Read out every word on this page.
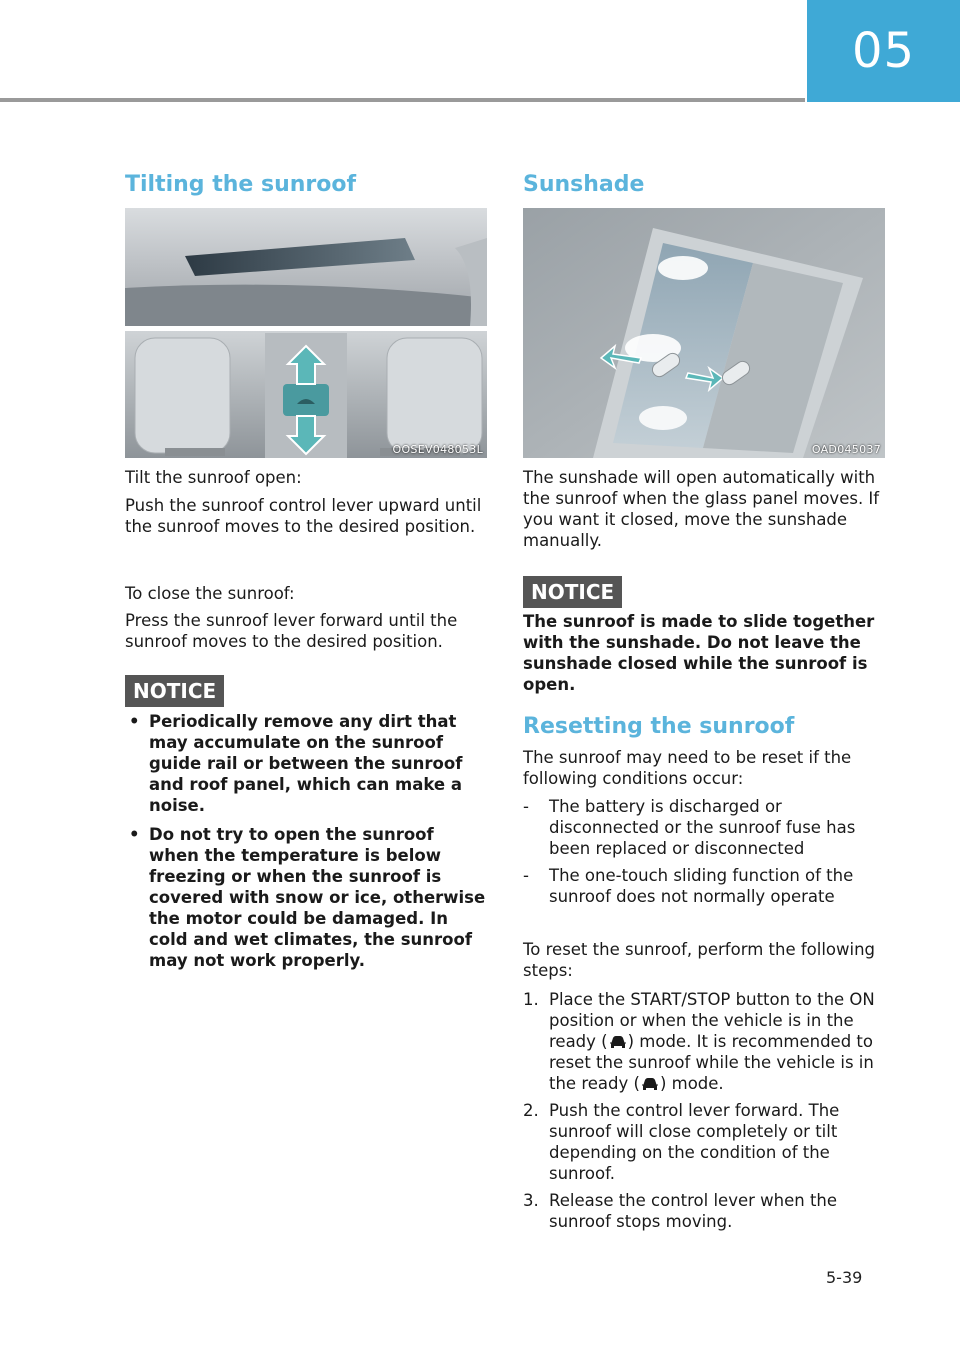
05
Tilting the sunroof
OOSEV048053L

Tilt the sunroof open:

Push the sunroof control lever upward until the sunroof moves to the desired position.

To close the sunroof:

Press the sunroof lever forward until the sunroof moves to the desired position.

NOTICE
• Periodically remove any dirt that may accumulate on the sunroof guide rail or between the sunroof and roof panel, which can make a noise.
• Do not try to open the sunroof when the temperature is below freezing or when the sunroof is covered with snow or ice, otherwise the motor could be damaged. In cold and wet climates, the sunroof may not work properly.
Sunshade
OAD045037

The sunshade will open automatically with the sunroof when the glass panel moves. If you want it closed, move the sunshade manually.

NOTICE

The sunroof is made to slide together with the sunshade. Do not leave the sunshade closed while the sunroof is open.

Resetting the sunroof

The sunroof may need to be reset if the following conditions occur:

- The battery is discharged or disconnected or the sunroof fuse has been replaced or disconnected
- The one-touch sliding function of the sunroof does not normally operate

To reset the sunroof, perform the following steps:

1. Place the START/STOP button to the ON position or when the vehicle is in the ready ( ) mode. It is recommended to reset the sunroof while the vehicle is in the ready ( ) mode.
2. Push the control lever forward. The sunroof will close completely or tilt depending on the condition of the sunroof.
3. Release the control lever when the sunroof stops moving.
5-39
